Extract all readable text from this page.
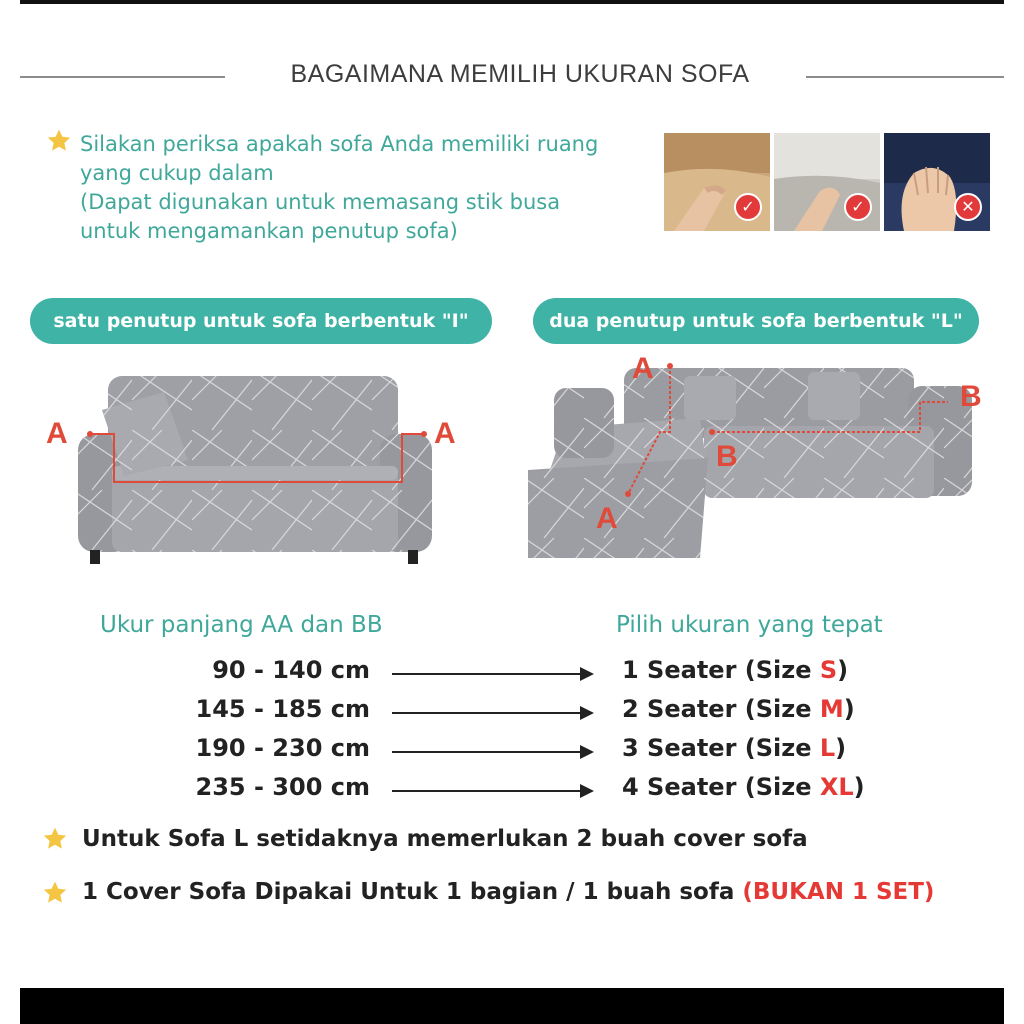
BAGAIMANA MEMILIH UKURAN SOFA
Silakan periksa apakah sofa Anda memiliki ruang
yang cukup dalam
(Dapat digunakan untuk memasang stik busa
untuk mengamankan penutup sofa)
✓	✓	✕
satu penutup untuk sofa berbentuk "I"	dua penutup untuk sofa berbentuk "L"
A	A
A
A
B
B
Ukur panjang AA dan BB	Pilih ukuran yang tepat
90 - 140 cm	1 Seater (Size S)
145 - 185 cm	2 Seater (Size M)
190 - 230 cm	3 Seater (Size L)
235 - 300 cm	4 Seater (Size XL)
Untuk Sofa L setidaknya memerlukan 2 buah cover sofa
1 Cover Sofa Dipakai Untuk 1 bagian / 1 buah sofa (BUKAN 1 SET)
